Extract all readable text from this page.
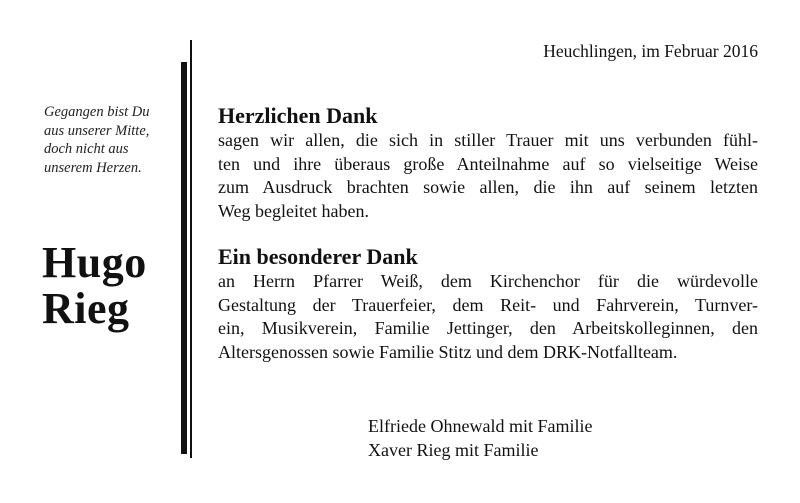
Gegangen bist Du
aus unserer Mitte,
doch nicht aus
unserem Herzen.
Hugo
Rieg
Heuchlingen, im Februar 2016
Herzlichen Dank
sagen wir allen, die sich in stiller Trauer mit uns verbunden fühl-
ten und ihre überaus große Anteilnahme auf so vielseitige Weise
zum Ausdruck brachten sowie allen, die ihn auf seinem letzten
Weg begleitet haben.
Ein besonderer Dank
an Herrn Pfarrer Weiß, dem Kirchenchor für die würdevolle
Gestaltung der Trauerfeier, dem Reit- und Fahrverein, Turnver-
ein, Musikverein, Familie Jettinger, den Arbeitskolleginnen, den
Altersgenossen sowie Familie Stitz und dem DRK-Notfallteam.
Elfriede Ohnewald mit Familie
Xaver Rieg mit Familie
